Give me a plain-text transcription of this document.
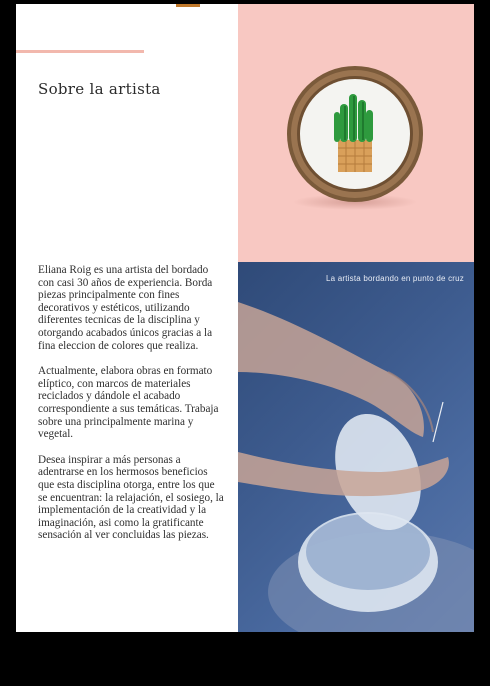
Sobre la artista

Eliana Roig es una artista del bordado con casi 30 años de experiencia. Borda piezas principalmente con fines decorativos y estéticos, utilizando diferentes tecnicas de la disciplina y otorgando acabados únicos gracias a la fina eleccion de colores que realiza.

Actualmente, elabora obras en formato elíptico, con marcos de materiales reciclados y dándole el acabado correspondiente a sus temáticas. Trabaja sobre una principalmente marina y vegetal.

Desea inspirar a más personas a adentrarse en los hermosos beneficios que esta disciplina otorga, entre los que se encuentran: la relajación, el sosiego, la implementación de la creatividad y la imaginación, asi como la gratificante sensación al ver concluidas las piezas.

La artista bordando en punto de cruz
